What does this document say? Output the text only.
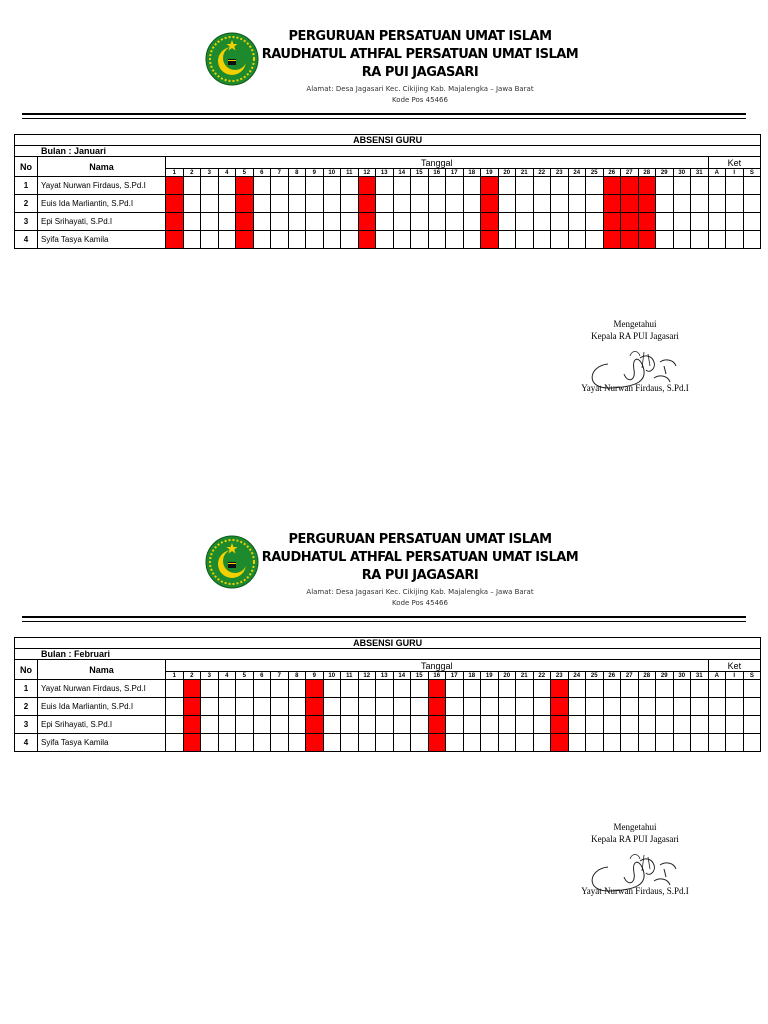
PERGURUAN PERSATUAN UMAT ISLAM
RAUDHATUL ATHFAL PERSATUAN UMAT ISLAM
RA PUI JAGASARI
Alamat: Desa Jagasari Kec. Cikijing Kab. Majalengka – Jawa Barat
Kode Pos 45466
ABSENSI GURU																																			
Bulan : Januari																																			
No	Nama	Tanggal																															Ket		
		1	2	3	4	5	6	7	8	9	10	11	12	13	14	15	16	17	18	19	20	21	22	23	24	25	26	27	28	29	30	31	A	I	S
1	Yayat Nurwan Firdaus, S.Pd.I																																		
2	Euis Ida Marliantin, S.Pd.I																																		
3	Epi Srihayati, S.Pd.I																																		
4	Syifa Tasya Kamila																																		
Mengetahui
Kepala RA PUI Jagasari
Yayat Nurwan Firdaus, S.Pd.I
PERGURUAN PERSATUAN UMAT ISLAM
RAUDHATUL ATHFAL PERSATUAN UMAT ISLAM
RA PUI JAGASARI
Alamat: Desa Jagasari Kec. Cikijing Kab. Majalengka – Jawa Barat
Kode Pos 45466
ABSENSI GURU																																			
Bulan : Februari																																			
No	Nama	Tanggal																															Ket		
		1	2	3	4	5	6	7	8	9	10	11	12	13	14	15	16	17	18	19	20	21	22	23	24	25	26	27	28	29	30	31	A	I	S
1	Yayat Nurwan Firdaus, S.Pd.I																																		
2	Euis Ida Marliantin, S.Pd.I																																		
3	Epi Srihayati, S.Pd.I																																		
4	Syifa Tasya Kamila																																		
Mengetahui
Kepala RA PUI Jagasari
Yayat Nurwan Firdaus, S.Pd.I
